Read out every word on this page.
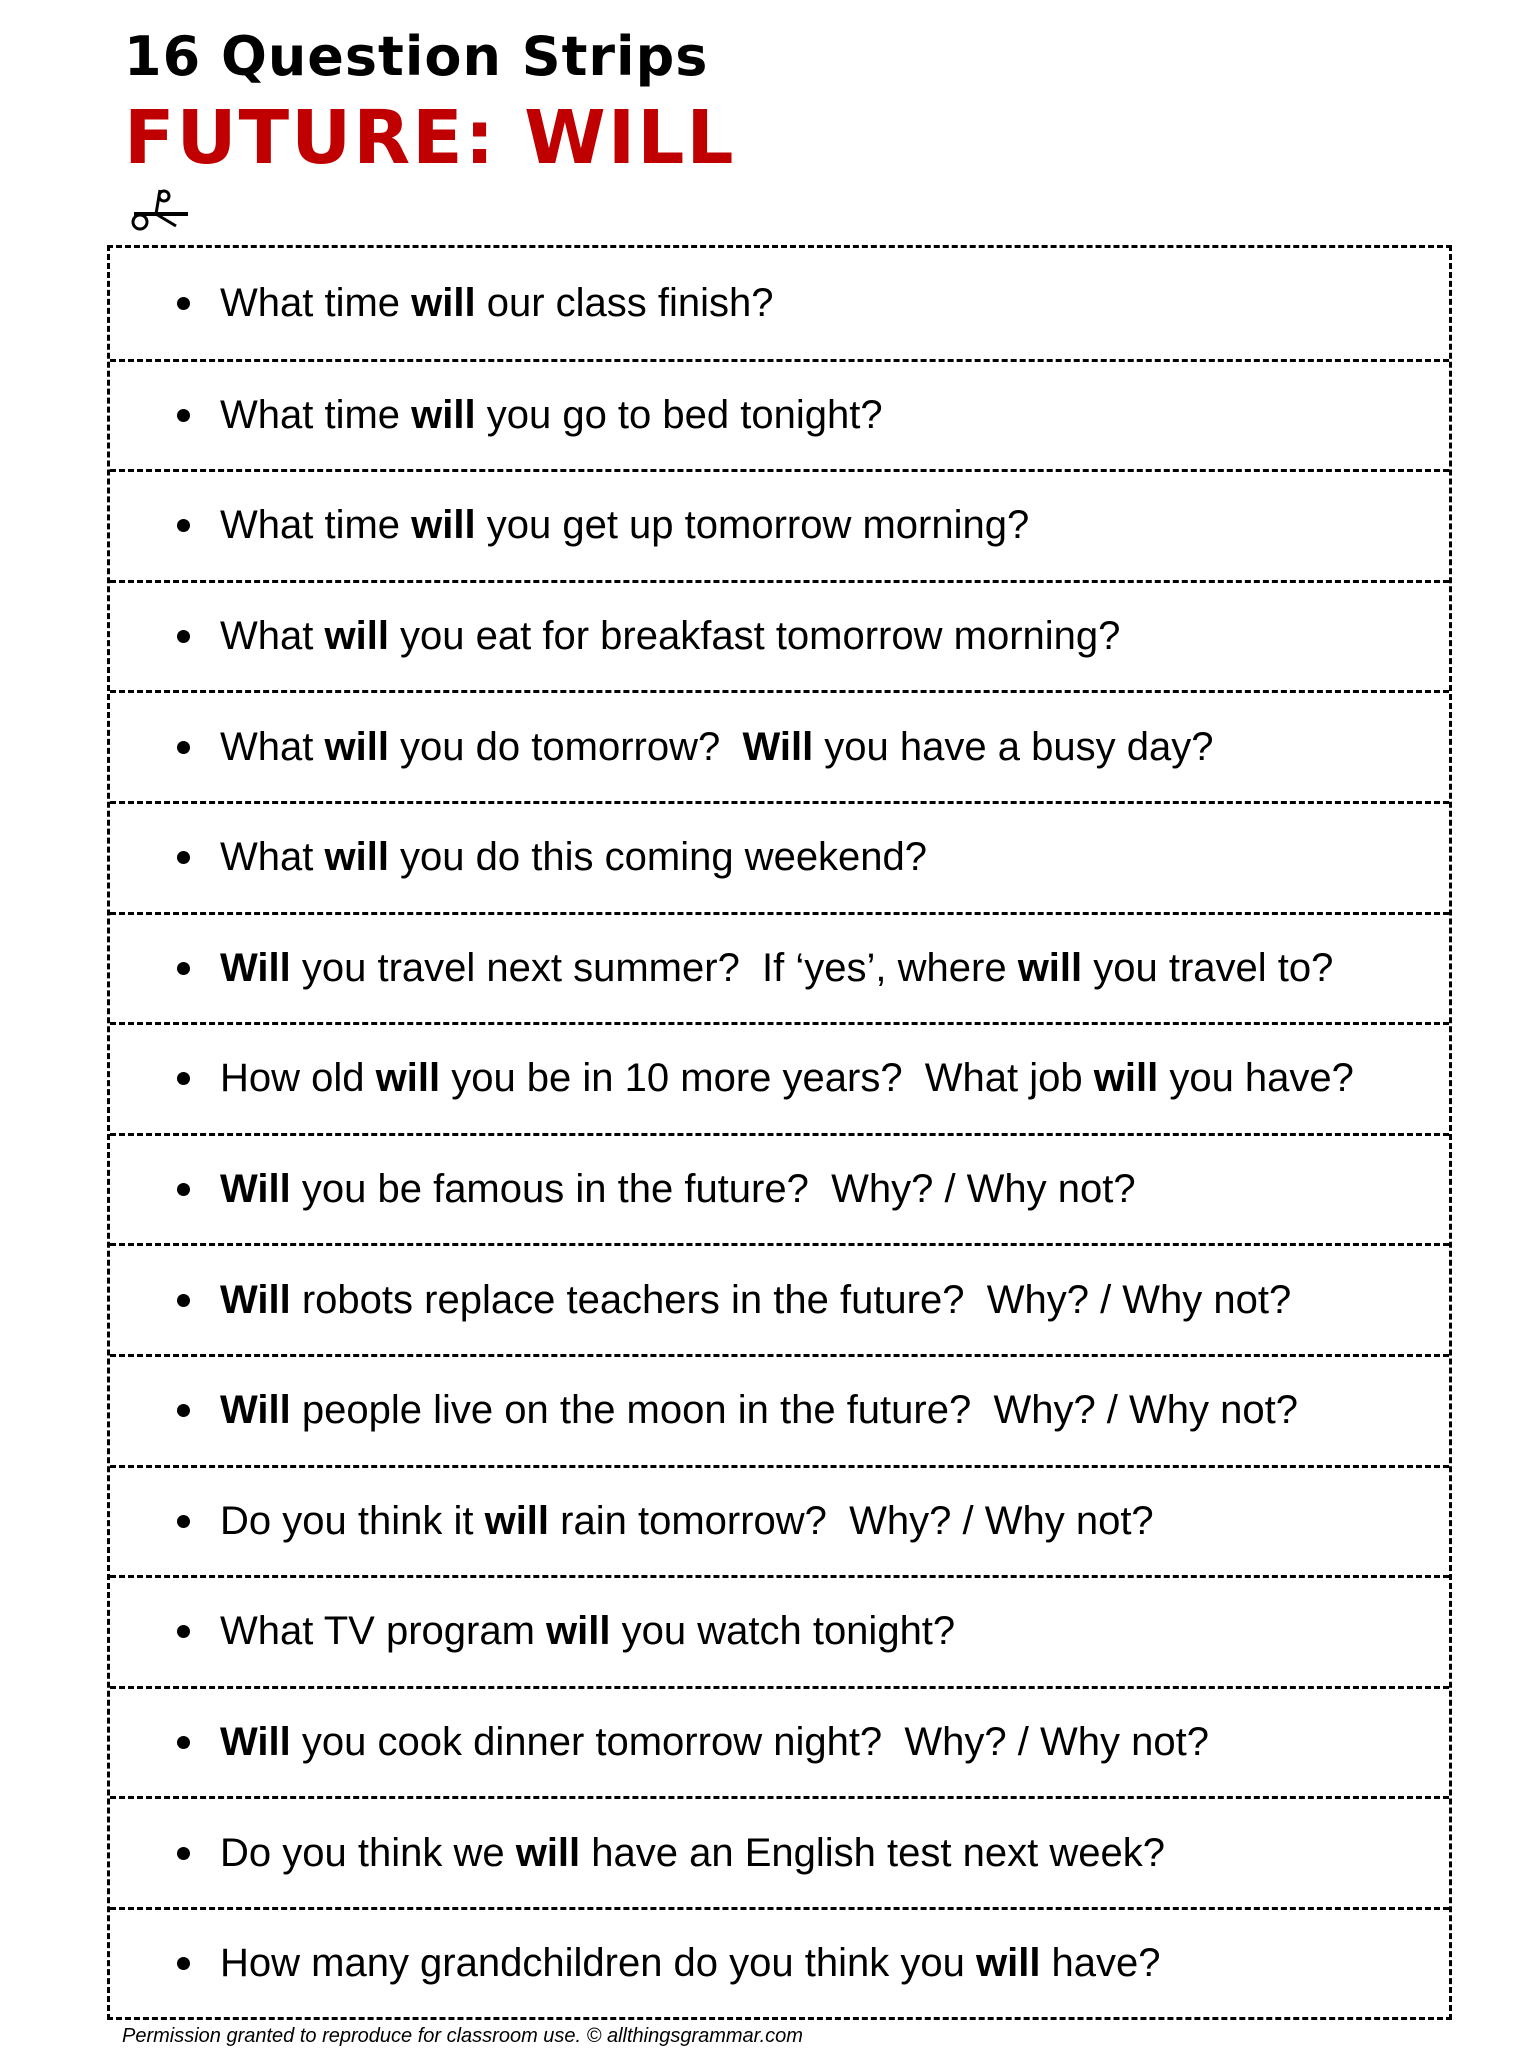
16 Question Strips
FUTURE: WILL
What time will our class finish?
What time will you go to bed tonight?
What time will you get up tomorrow morning?
What will you eat for breakfast tomorrow morning?
What will you do tomorrow?  Will you have a busy day?
What will you do this coming weekend?
Will you travel next summer?  If ‘yes’, where will you travel to?
How old will you be in 10 more years?  What job will you have?
Will you be famous in the future?  Why? / Why not?
Will robots replace teachers in the future?  Why? / Why not?
Will people live on the moon in the future?  Why? / Why not?
Do you think it will rain tomorrow?  Why? / Why not?
What TV program will you watch tonight?
Will you cook dinner tomorrow night?  Why? / Why not?
Do you think we will have an English test next week?
How many grandchildren do you think you will have?
Permission granted to reproduce for classroom use. © allthingsgrammar.com
